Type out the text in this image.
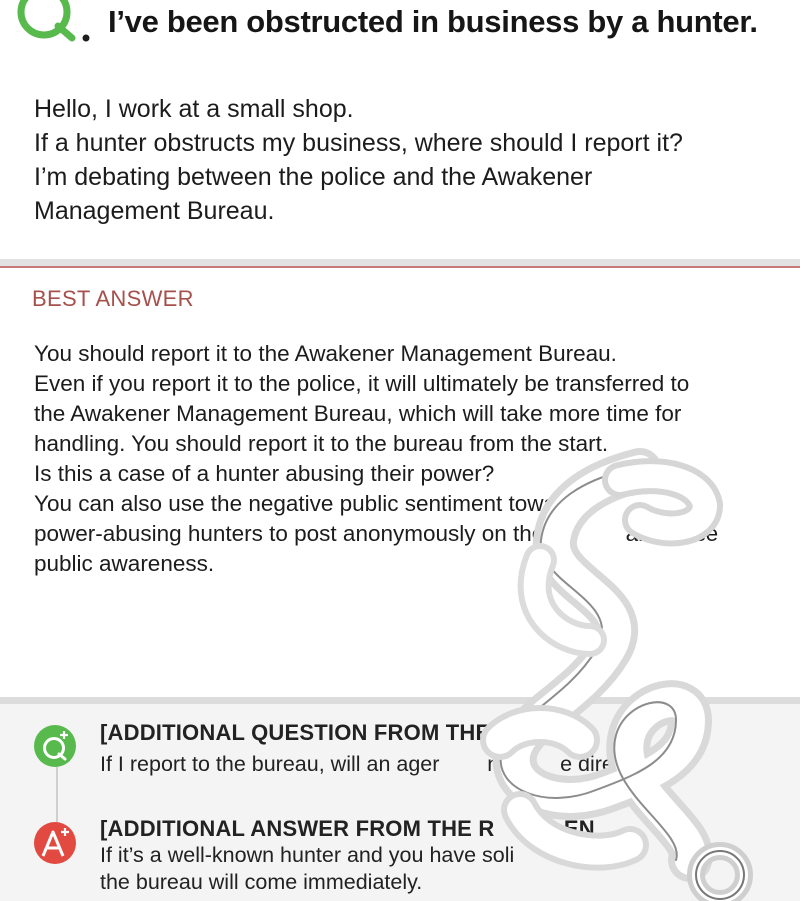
I’ve been obstructed in business by a hunter.

Hello, I work at a small shop.

If a hunter obstructs my business, where should I report it?

I’m debating between the police and the Awakener

Management Bureau.

BEST ANSWER

You should report it to the Awakener Management Bureau.

Even if you report it to the police, it will ultimately be transferred to

the Awakener Management Bureau, which will take more time for

handling. You should report it to the bureau from the start.

Is this a case of a hunter abusing their power?

You can also use the negative public sentiment towards

power-abusing hunters to post anonymously on the b          and raise

public awareness.

[ADDITIONAL QUESTION FROM THE A        ]
If I report to the bureau, will an ager        nter      e directly?
[ADDITIONAL ANSWER FROM THE R           EN
If it’s a well-known hunter and you have soli
the bureau will come immediately.
